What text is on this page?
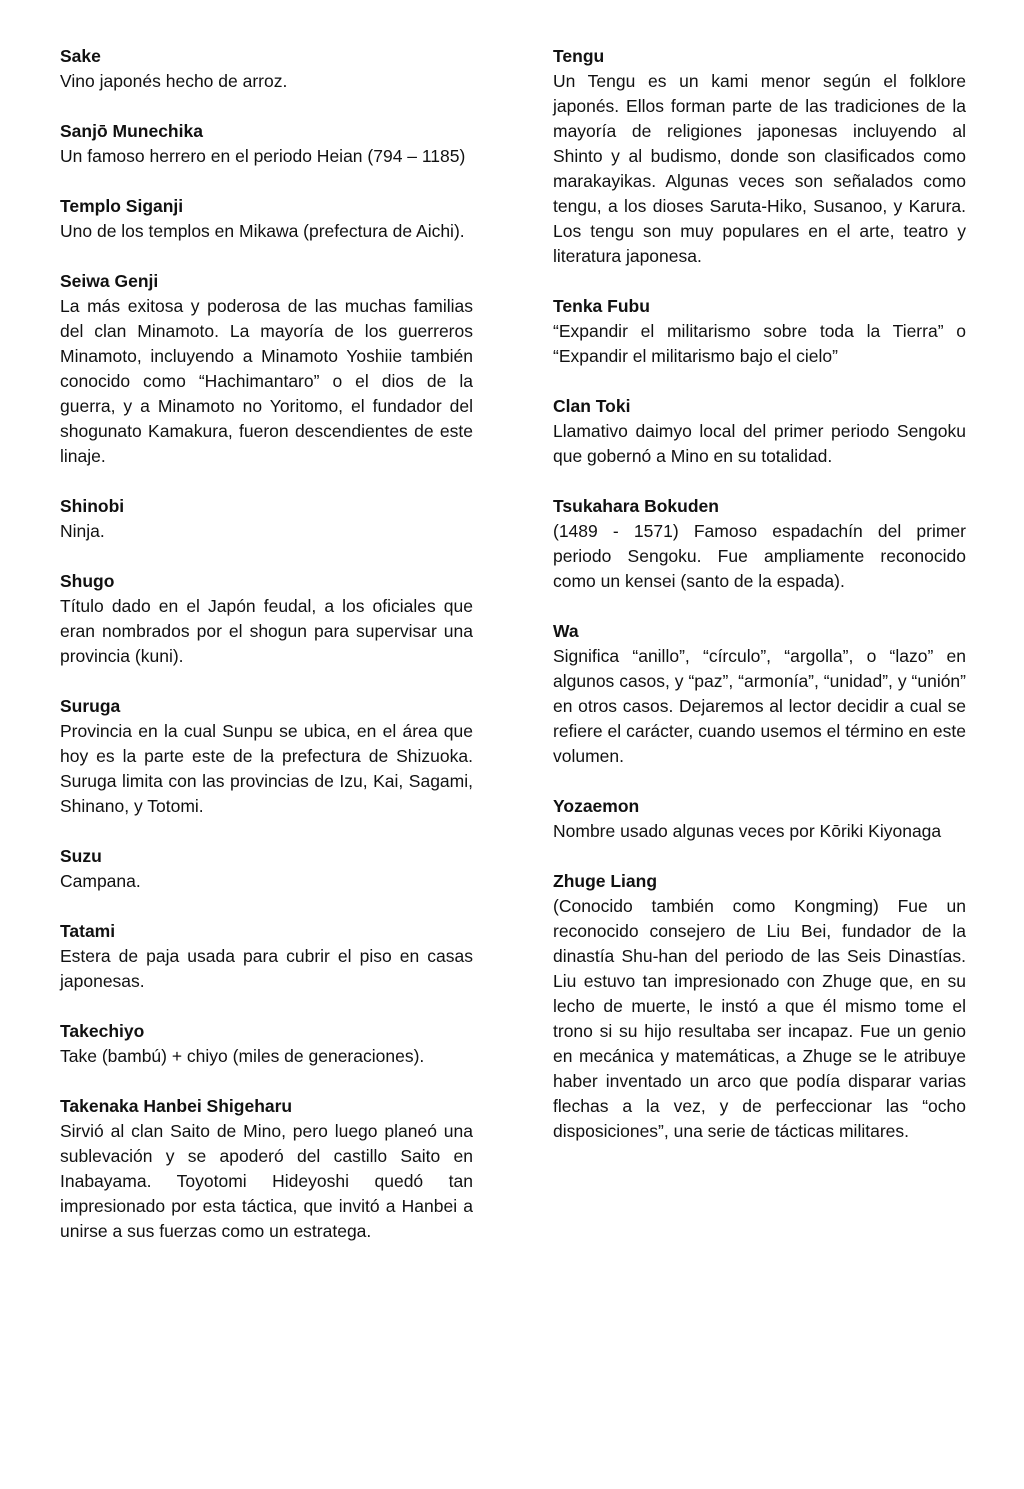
Sake

Vino japonés hecho de arroz.

Sanjō Munechika

Un famoso herrero en el periodo Heian (794 – 1185)

Templo Siganji

Uno de los templos en Mikawa (prefectura de Aichi).

Seiwa Genji

La más exitosa y poderosa de las muchas familias del clan Minamoto. La mayoría de los guerreros Minamoto, incluyendo a Minamoto Yoshiie también conocido como “Hachimantaro” o el dios de la guerra, y a Minamoto no Yoritomo, el fundador del shogunato Kamakura, fueron descendientes de este linaje.

Shinobi

Ninja.

Shugo

Título dado en el Japón feudal, a los oficiales que eran nombrados por el shogun para supervisar una provincia (kuni).

Suruga

Provincia en la cual Sunpu se ubica, en el área que hoy es la parte este de la prefectura de Shizuoka. Suruga limita con las provincias de Izu, Kai, Sagami, Shinano, y Totomi.

Suzu

Campana.

Tatami

Estera de paja usada para cubrir el piso en casas japonesas.

Takechiyo

Take (bambú) + chiyo (miles de generaciones).

Takenaka Hanbei Shigeharu

Sirvió al clan Saito de Mino, pero luego planeó una sublevación y se apoderó del castillo Saito en Inabayama. Toyotomi Hideyoshi quedó tan impresionado por esta táctica, que invitó a Hanbei a unirse a sus fuerzas como un estratega.

Tengu

Un Tengu es un kami menor según el folklore japonés. Ellos forman parte de las tradiciones de la mayoría de religiones japonesas incluyendo al Shinto y al budismo, donde son clasificados como marakayikas. Algunas veces son señalados como tengu, a los dioses Saruta-Hiko, Susanoo, y Karura. Los tengu son muy populares en el arte, teatro y literatura japonesa.

Tenka Fubu

“Expandir el militarismo sobre toda la Tierra” o “Expandir el militarismo bajo el cielo”

Clan Toki

Llamativo daimyo local del primer periodo Sengoku que gobernó a Mino en su totalidad.

Tsukahara Bokuden

(1489 - 1571) Famoso espadachín del primer periodo Sengoku. Fue ampliamente reconocido como un kensei (santo de la espada).

Wa

Significa “anillo”, “círculo”, “argolla”, o “lazo” en algunos casos, y “paz”, “armonía”, “unidad”, y “unión” en otros casos. Dejaremos al lector decidir a cual se refiere el carácter, cuando usemos el término en este volumen.

Yozaemon

Nombre usado algunas veces por Kōriki Kiyonaga

Zhuge Liang

(Conocido también como Kongming) Fue un reconocido consejero de Liu Bei, fundador de la dinastía Shu-han del periodo de las Seis Dinastías. Liu estuvo tan impresionado con Zhuge que, en su lecho de muerte, le instó a que él mismo tome el trono si su hijo resultaba ser incapaz. Fue un genio en mecánica y matemáticas, a Zhuge se le atribuye haber inventado un arco que podía disparar varias flechas a la vez, y de perfeccionar las “ocho disposiciones”, una serie de tácticas militares.
